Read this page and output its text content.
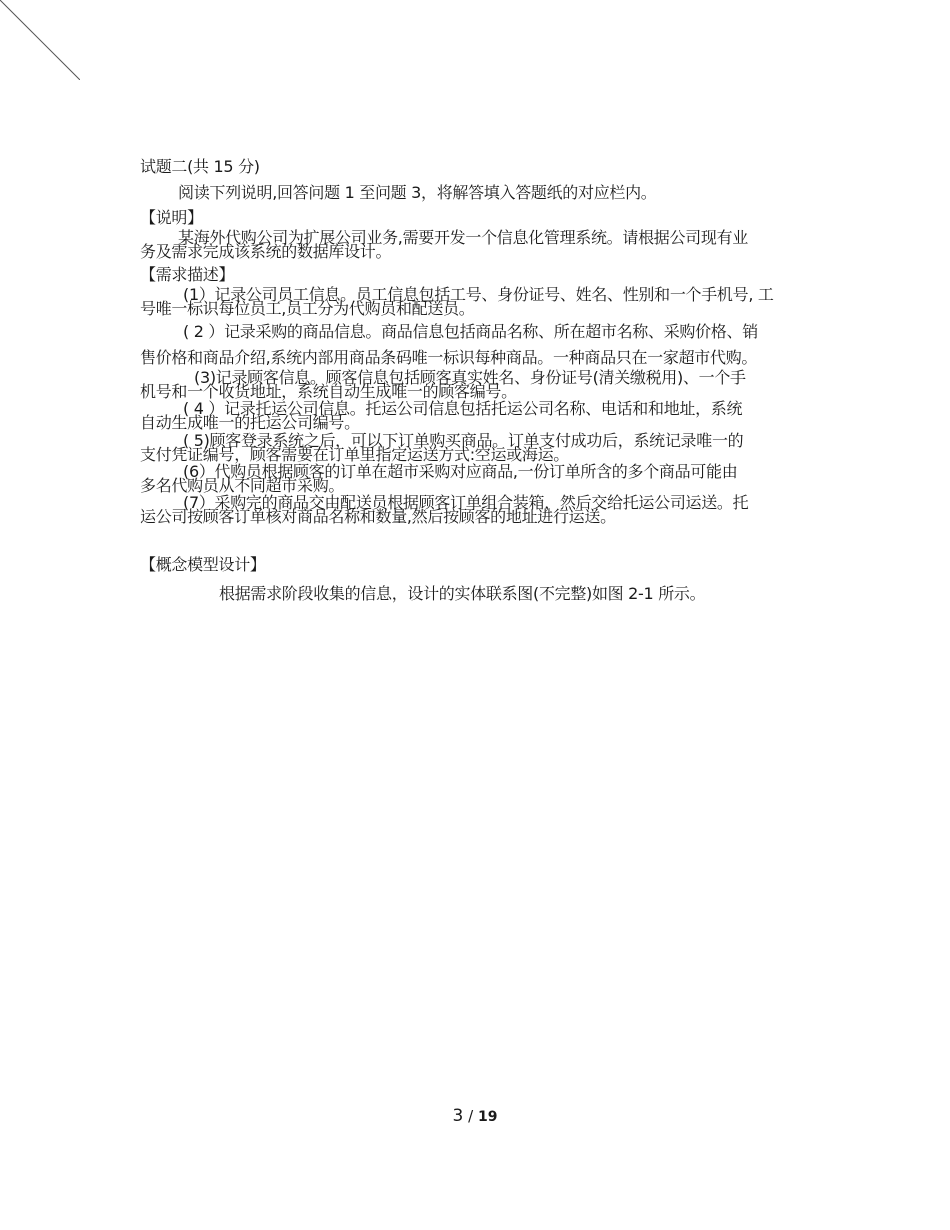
试题二(共 15 分)
阅读下列说明,回答问题 1 至问题 3，将解答填入答题纸的对应栏内。
【说明】
某海外代购公司为扩展公司业务,需要开发一个信息化管理系统。请根据公司现有业
务及需求完成该系统的数据库设计。
【需求描述】
(1）记录公司员工信息。员工信息包括工号、身份证号、姓名、性别和一个手机号, 工
号唯一标识每位员工,员工分为代购员和配送员。
( 2 ）记录采购的商品信息。商品信息包括商品名称、所在超市名称、采购价格、销
售价格和商品介绍,系统内部用商品条码唯一标识每种商品。一种商品只在一家超市代购。
(3)记录顾客信息。顾客信息包括顾客真实姓名、身份证号(清关缴税用)、一个手
机号和一个收货地址，系统自动生成唯一的顾客编号。
( 4 ）记录托运公司信息。托运公司信息包括托运公司名称、电话和和地址，系统
自动生成唯一的托运公司编号。
( 5)顾客登录系统之后，可以下订单购买商品。订单支付成功后，系统记录唯一的
支付凭证编号，顾客需要在订单里指定运送方式:空运或海运。
(6）代购员根据顾客的订单在超市采购对应商品,一份订单所含的多个商品可能由
多名代购员从不同超市采购。
(7）采购完的商品交由配送员根据顾客订单组合装箱，然后交给托运公司运送。托
运公司按顾客订单核对商品名称和数量,然后按顾客的地址进行运送。
【概念模型设计】
根据需求阶段收集的信息，设计的实体联系图(不完整)如图 2-1 所示。
3 / 19
